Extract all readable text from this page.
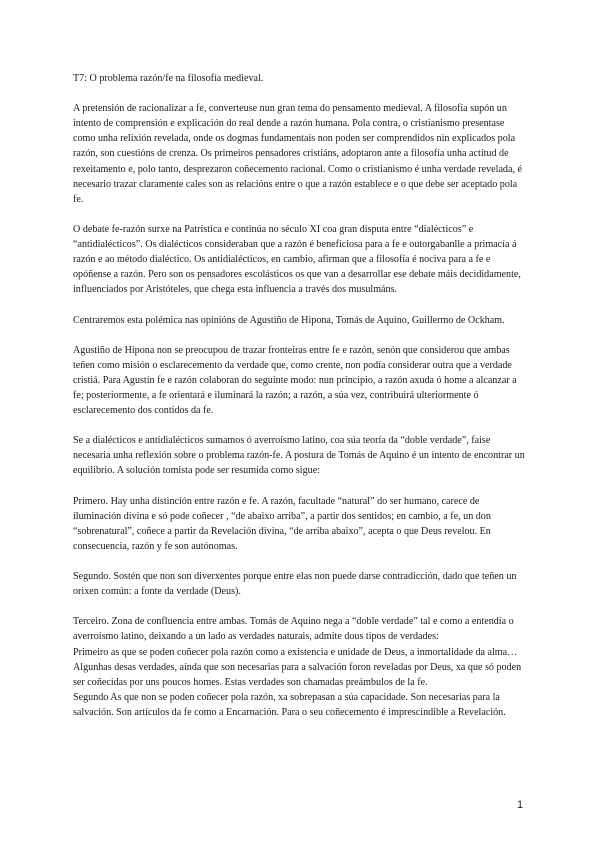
T7: O problema razón/fe na filosofía medieval.

A pretensión de racionalizar a fe, converteuse nun gran tema do pensamento medieval. A filosofía supón un intento de comprensión e explicación do real dende a razón humana. Pola contra, o cristianismo presentase como unha relixión revelada, onde os dogmas fundamentais non poden ser comprendidos nin explicados pola razón, son cuestións de crenza. Os primeiros pensadores cristiáns, adoptaron ante a filosofía unha actitud de rexeitamento e, polo tanto, desprezaron coñecemento racional. Como o cristianismo é unha verdade revelada, é necesario trazar claramente cales son as relacións entre o que a razón establece e o que debe ser aceptado pola fe.

O debate fe-razón surxe na Patrística e continúa no século XI coa gran disputa entre “dialécticos” e “antidialécticos”. Os dialécticos consideraban que a razón é beneficiosa para a fe e outorgabanlle a primacía á razón e ao método dialéctico. Os antidialécticos, en cambio, afirman que a filosofía é nociva para a fe e opóñense a razón. Pero son os pensadores escolásticos os que van a desarrollar ese debate máis decididamente, influenciados por Aristóteles, que chega esta influencia a través dos musulmáns.

Centraremos esta polémica nas opinións de Agustiño de Hipona, Tomás de Aquino, Guillermo de Ockham.

Agustiño de Hipona non se preocupou de trazar fronteiras entre fe e razón, senón que considerou que ambas teñen como misión o esclarecemento da verdade que, como crente, non podía considerar outra que a verdade cristiá. Para Agustín fe e razón colaboran do seguinte modo: nun principio, a razón axuda ó home a alcanzar a fe; posteriormente, a fe orientará e iluminará la razón; a razón, a súa vez, contribuirá ulteriormente ó esclarecemento dos contidos da fe.

Se a dialécticos e antidialécticos sumamos ó averroísmo latino, coa súa teoría da “doble verdade”, faise necesaria unha reflexión sobre o problema razón-fe. A postura de Tomás de Aquino é un intento de encontrar un equilibrio. A solución tomista pode ser resumida como sigue:

Primero. Hay unha distinción entre razón e fe. A razón, facultade “natural” do ser humano, carece de iluminación divina e só pode coñecer , “de abaixo arriba”, a partir dos sentidos; en cambio, a fe, un don “sobrenatural”, coñece a partir da Revelación divina, “de arriba abaixo”, acepta o que Deus revelou. En consecuencia, razón y fe son autónomas.

Segundo. Sostén que non son diverxentes porque entre elas non puede darse contradicción, dado que teñen un orixen común: a fonte da verdade (Deus).

Terceiro. Zona de confluencia entre ambas. Tomás de Aquino nega a “doble verdade” tal e como a entendía o averroísmo latino, deixando a un lado as verdades naturais, admite dous tipos de verdades:

Primeiro as que se poden coñecer pola razón como a existencia e unidade de Deus, a inmortalidade da alma… Algunhas desas verdades, aínda que son necesarias para a salvación foron reveladas por Deus, xa que só poden ser coñecidas por uns poucos homes. Estas verdades son chamadas preámbulos de la fe.

Segundo As que non se poden coñecer pola razón, xa sobrepasan a súa capacidade. Son necesarias para la salvación. Son artículos da fe como a Encarnación. Para o seu coñecemento é imprescindible a Revelación.

1
